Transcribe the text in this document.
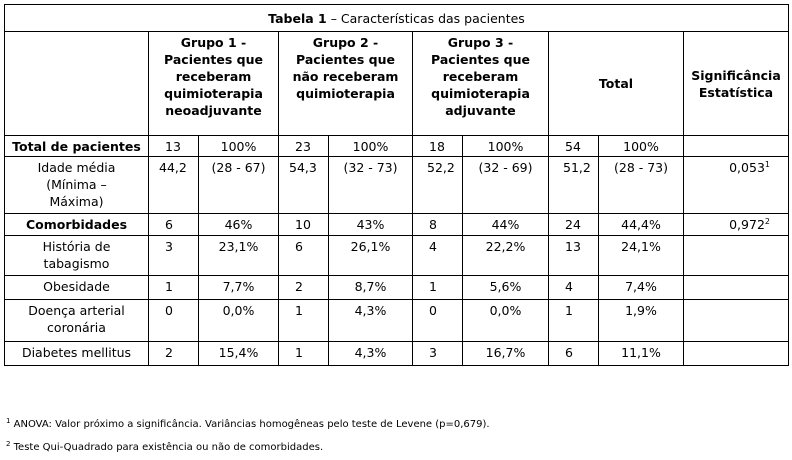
Tabela 1 – Características das pacientes									

	Grupo 1 - Pacientes que receberam quimioterapia neoadjuvante		Grupo 2 - Pacientes que não receberam quimioterapia		Grupo 3 - Pacientes que receberam quimioterapia adjuvante		Total		Significância Estatística

Total de pacientes	13	100%	23	100%	18	100%	54	100%	

Idade média (Mínima – Máxima)	44,2	(28 - 67)	54,3	(32 - 73)	52,2	(32 - 69)	51,2	(28 - 73)	0,053$^1$
Comorbidades	6	46%	10	43%	8	44%	24	44,4%	0,972$^2$

História de tabagismo	3	23,1%	6	26,1%	4	22,2%	13	24,1%	
Obesidade	1	7,7%	2	8,7%	1	5,6%	4	7,4%	

Doença arterial coronária	0	0,0%	1	4,3%	0	0,0%	1	1,9%	
Diabetes mellitus	2	15,4%	1	4,3%	3	16,7%	6	11,1%	
$^1$ ANOVA: Valor próximo a significância. Variâncias homogêneas pelo teste de Levene (p=0,679).
$^2$ Teste Qui-Quadrado para existência ou não de comorbidades.
